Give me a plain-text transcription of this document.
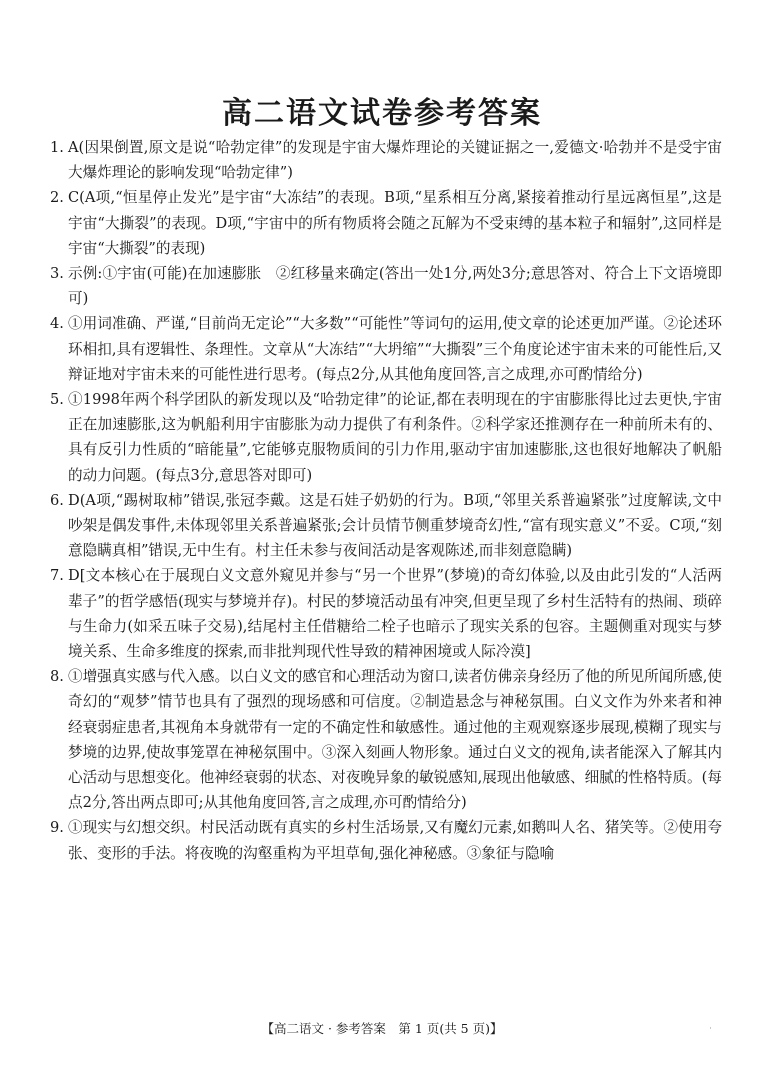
高二语文试卷参考答案
1. A(因果倒置,原文是说“哈勃定律”的发现是宇宙大爆炸理论的关键证据之一,爱德文·哈勃并不是受宇宙大爆炸理论的影响发现“哈勃定律”)
2. C(A项,“恒星停止发光”是宇宙“大冻结”的表现。B项,“星系相互分离,紧接着推动行星远离恒星”,这是宇宙“大撕裂”的表现。D项,“宇宙中的所有物质将会随之瓦解为不受束缚的基本粒子和辐射”,这同样是宇宙“大撕裂”的表现)
3. 示例:①宇宙(可能)在加速膨胀　②红移量来确定(答出一处1分,两处3分;意思答对、符合上下文语境即可)
4. ①用词准确、严谨,“目前尚无定论”“大多数”“可能性”等词句的运用,使文章的论述更加严谨。②论述环环相扣,具有逻辑性、条理性。文章从“大冻结”“大坍缩”“大撕裂”三个角度论述宇宙未来的可能性后,又辩证地对宇宙未来的可能性进行思考。(每点2分,从其他角度回答,言之成理,亦可酌情给分)
5. ①1998年两个科学团队的新发现以及“哈勃定律”的论证,都在表明现在的宇宙膨胀得比过去更快,宇宙正在加速膨胀,这为帆船利用宇宙膨胀为动力提供了有利条件。②科学家还推测存在一种前所未有的、具有反引力性质的“暗能量”,它能够克服物质间的引力作用,驱动宇宙加速膨胀,这也很好地解决了帆船的动力问题。(每点3分,意思答对即可)
6. D(A项,“踢树取柿”错误,张冠李戴。这是石娃子奶奶的行为。B项,“邻里关系普遍紧张”过度解读,文中吵架是偶发事件,未体现邻里关系普遍紧张;会计员情节侧重梦境奇幻性,“富有现实意义”不妥。C项,“刻意隐瞒真相”错误,无中生有。村主任未参与夜间活动是客观陈述,而非刻意隐瞒)
7. D[文本核心在于展现白义文意外窥见并参与“另一个世界”(梦境)的奇幻体验,以及由此引发的“人活两辈子”的哲学感悟(现实与梦境并存)。村民的梦境活动虽有冲突,但更呈现了乡村生活特有的热闹、琐碎与生命力(如采五味子交易),结尾村主任借糖给二栓子也暗示了现实关系的包容。主题侧重对现实与梦境关系、生命多维度的探索,而非批判现代性导致的精神困境或人际冷漠]
8. ①增强真实感与代入感。以白义文的感官和心理活动为窗口,读者仿佛亲身经历了他的所见所闻所感,使奇幻的“观梦”情节也具有了强烈的现场感和可信度。②制造悬念与神秘氛围。白义文作为外来者和神经衰弱症患者,其视角本身就带有一定的不确定性和敏感性。通过他的主观观察逐步展现,模糊了现实与梦境的边界,使故事笼罩在神秘氛围中。③深入刻画人物形象。通过白义文的视角,读者能深入了解其内心活动与思想变化。他神经衰弱的状态、对夜晚异象的敏锐感知,展现出他敏感、细腻的性格特质。(每点2分,答出两点即可;从其他角度回答,言之成理,亦可酌情给分)
9. ①现实与幻想交织。村民活动既有真实的乡村生活场景,又有魔幻元素,如鹅叫人名、猪笑等。②使用夸张、变形的手法。将夜晚的沟壑重构为平坦草甸,强化神秘感。③象征与隐喻
【高二语文 · 参考答案　第 1 页(共 5 页)】	·
